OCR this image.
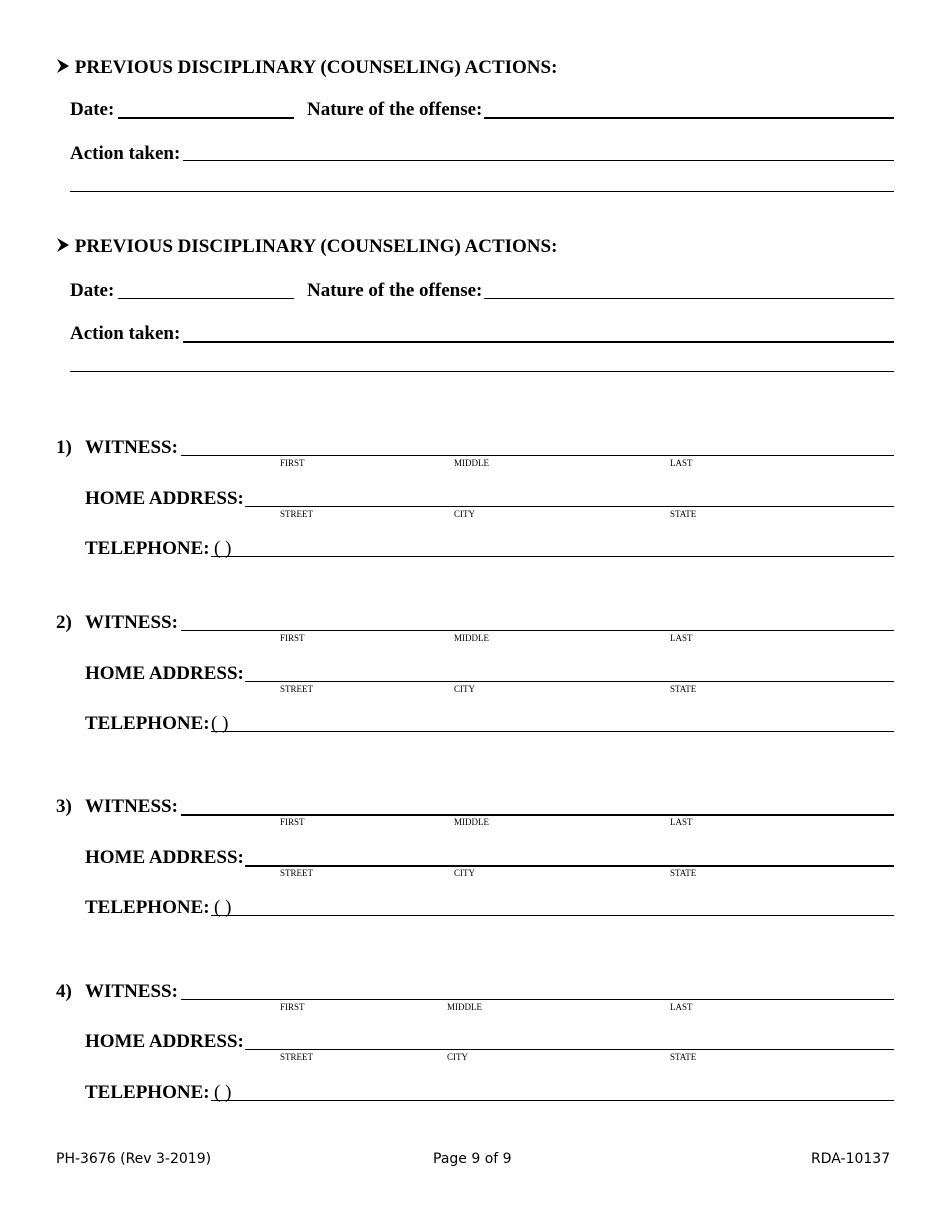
PREVIOUS DISCIPLINARY (COUNSELING) ACTIONS:
Date:	Nature of the offense:
Action taken:
PREVIOUS DISCIPLINARY (COUNSELING) ACTIONS:
Date:	Nature of the offense:
Action taken:
1) WITNESS:
FIRST	MIDDLE	LAST
HOME ADDRESS:
STREET	CITY	STATE
TELEPHONE: ( )
2) WITNESS:
FIRST	MIDDLE	LAST
HOME ADDRESS:
STREET	CITY	STATE
TELEPHONE: ( )
3) WITNESS:
FIRST	MIDDLE	LAST
HOME ADDRESS:
STREET	CITY	STATE
TELEPHONE: ( )
4) WITNESS:
FIRST	MIDDLE	LAST
HOME ADDRESS:
STREET	CITY	STATE
TELEPHONE: ( )
PH-3676 (Rev 3-2019)	Page 9 of 9	RDA-10137
